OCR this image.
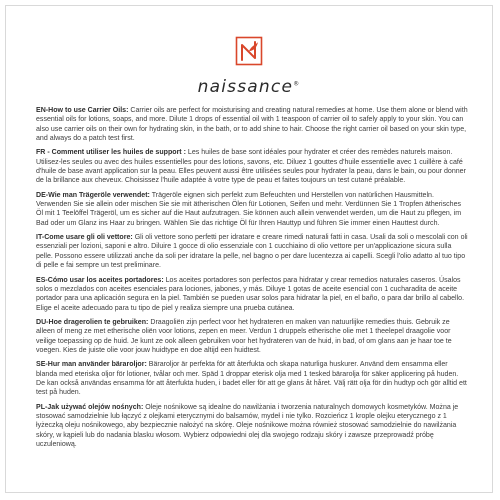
naissance®

EN-How to use Carrier Oils: Carrier oils are perfect for moisturising and creating natural remedies at home. Use them alone or blend with essential oils for lotions, soaps, and more. Dilute 1 drops of essential oil with 1 teaspoon of carrier oil to safely apply to your skin. You can also use carrier oils on their own for hydrating skin, in the bath, or to add shine to hair. Choose the right carrier oil based on your skin type, and always do a patch test first.

FR - Comment utiliser les huiles de support : Les huiles de base sont idéales pour hydrater et créer des remèdes naturels maison. Utilisez-les seules ou avec des huiles essentielles pour des lotions, savons, etc. Diluez 1 gouttes d'huile essentielle avec 1 cuillère à café d'huile de base avant application sur la peau. Elles peuvent aussi être utilisées seules pour hydrater la peau, dans le bain, ou pour donner de la brillance aux cheveux. Choisissez l'huile adaptée à votre type de peau et faites toujours un test cutané préalable.

DE-Wie man Trägeröle verwendet: Trägeröle eignen sich perfekt zum Befeuchten und Herstellen von natürlichen Hausmitteln. Verwenden Sie sie allein oder mischen Sie sie mit ätherischen Ölen für Lotionen, Seifen und mehr. Verdünnen Sie 1 Tropfen ätherisches Öl mit 1 Teelöffel Trägeröl, um es sicher auf die Haut aufzutragen. Sie können auch allein verwendet werden, um die Haut zu pflegen, im Bad oder um Glanz ins Haar zu bringen. Wählen Sie das richtige Öl für Ihren Hauttyp und führen Sie immer einen Hauttest durch.

IT-Come usare gli oli vettore: Gli oli vettore sono perfetti per idratare e creare rimedi naturali fatti in casa. Usali da soli o mescolali con oli essenziali per lozioni, saponi e altro. Diluire 1 gocce di olio essenziale con 1 cucchiaino di olio vettore per un'applicazione sicura sulla pelle. Possono essere utilizzati anche da soli per idratare la pelle, nel bagno o per dare lucentezza ai capelli. Scegli l'olio adatto al tuo tipo di pelle e fai sempre un test preliminare.

ES-Cómo usar los aceites portadores: Los aceites portadores son perfectos para hidratar y crear remedios naturales caseros. Úsalos solos o mezclados con aceites esenciales para lociones, jabones, y más. Diluye 1 gotas de aceite esencial con 1 cucharadita de aceite portador para una aplicación segura en la piel. También se pueden usar solos para hidratar la piel, en el baño, o para dar brillo al cabello. Elige el aceite adecuado para tu tipo de piel y realiza siempre una prueba cutánea.

DU-Hoe dragerolien te gebruiken: Draagoliën zijn perfect voor het hydrateren en maken van natuurlijke remedies thuis. Gebruik ze alleen of meng ze met etherische oliën voor lotions, zepen en meer. Verdun 1 druppels etherische olie met 1 theelepel draagolie voor veilige toepassing op de huid. Je kunt ze ook alleen gebruiken voor het hydrateren van de huid, in bad, of om glans aan je haar toe te voegen. Kies de juiste olie voor jouw huidtype en doe altijd een huidtest.

SE-Hur man använder bäraroljor: Bäraroljor är perfekta för att återfukta och skapa naturliga huskurer. Använd dem ensamma eller blanda med eteriska oljor för lotioner, tvålar och mer. Späd 1 droppar eterisk olja med 1 tesked bärarolja för säker applicering på huden. De kan också användas ensamma för att återfukta huden, i badet eller för att ge glans åt håret. Välj rätt olja för din hudtyp och gör alltid ett test på huden.

PL-Jak używać olejów nośnych: Oleje nośnikowe są idealne do nawilżania i tworzenia naturalnych domowych kosmetyków. Można je stosować samodzielnie lub łączyć z olejkami eterycznymi do balsamów, mydeł i nie tylko. Rozcieńcz 1 krople olejku eterycznego z 1 łyżeczką oleju nośnikowego, aby bezpiecznie nałożyć na skórę. Oleje nośnikowe można również stosować samodzielnie do nawilżania skóry, w kąpieli lub do nadania blasku włosom. Wybierz odpowiedni olej dla swojego rodzaju skóry i zawsze przeprowadź próbę uczuleniową.
